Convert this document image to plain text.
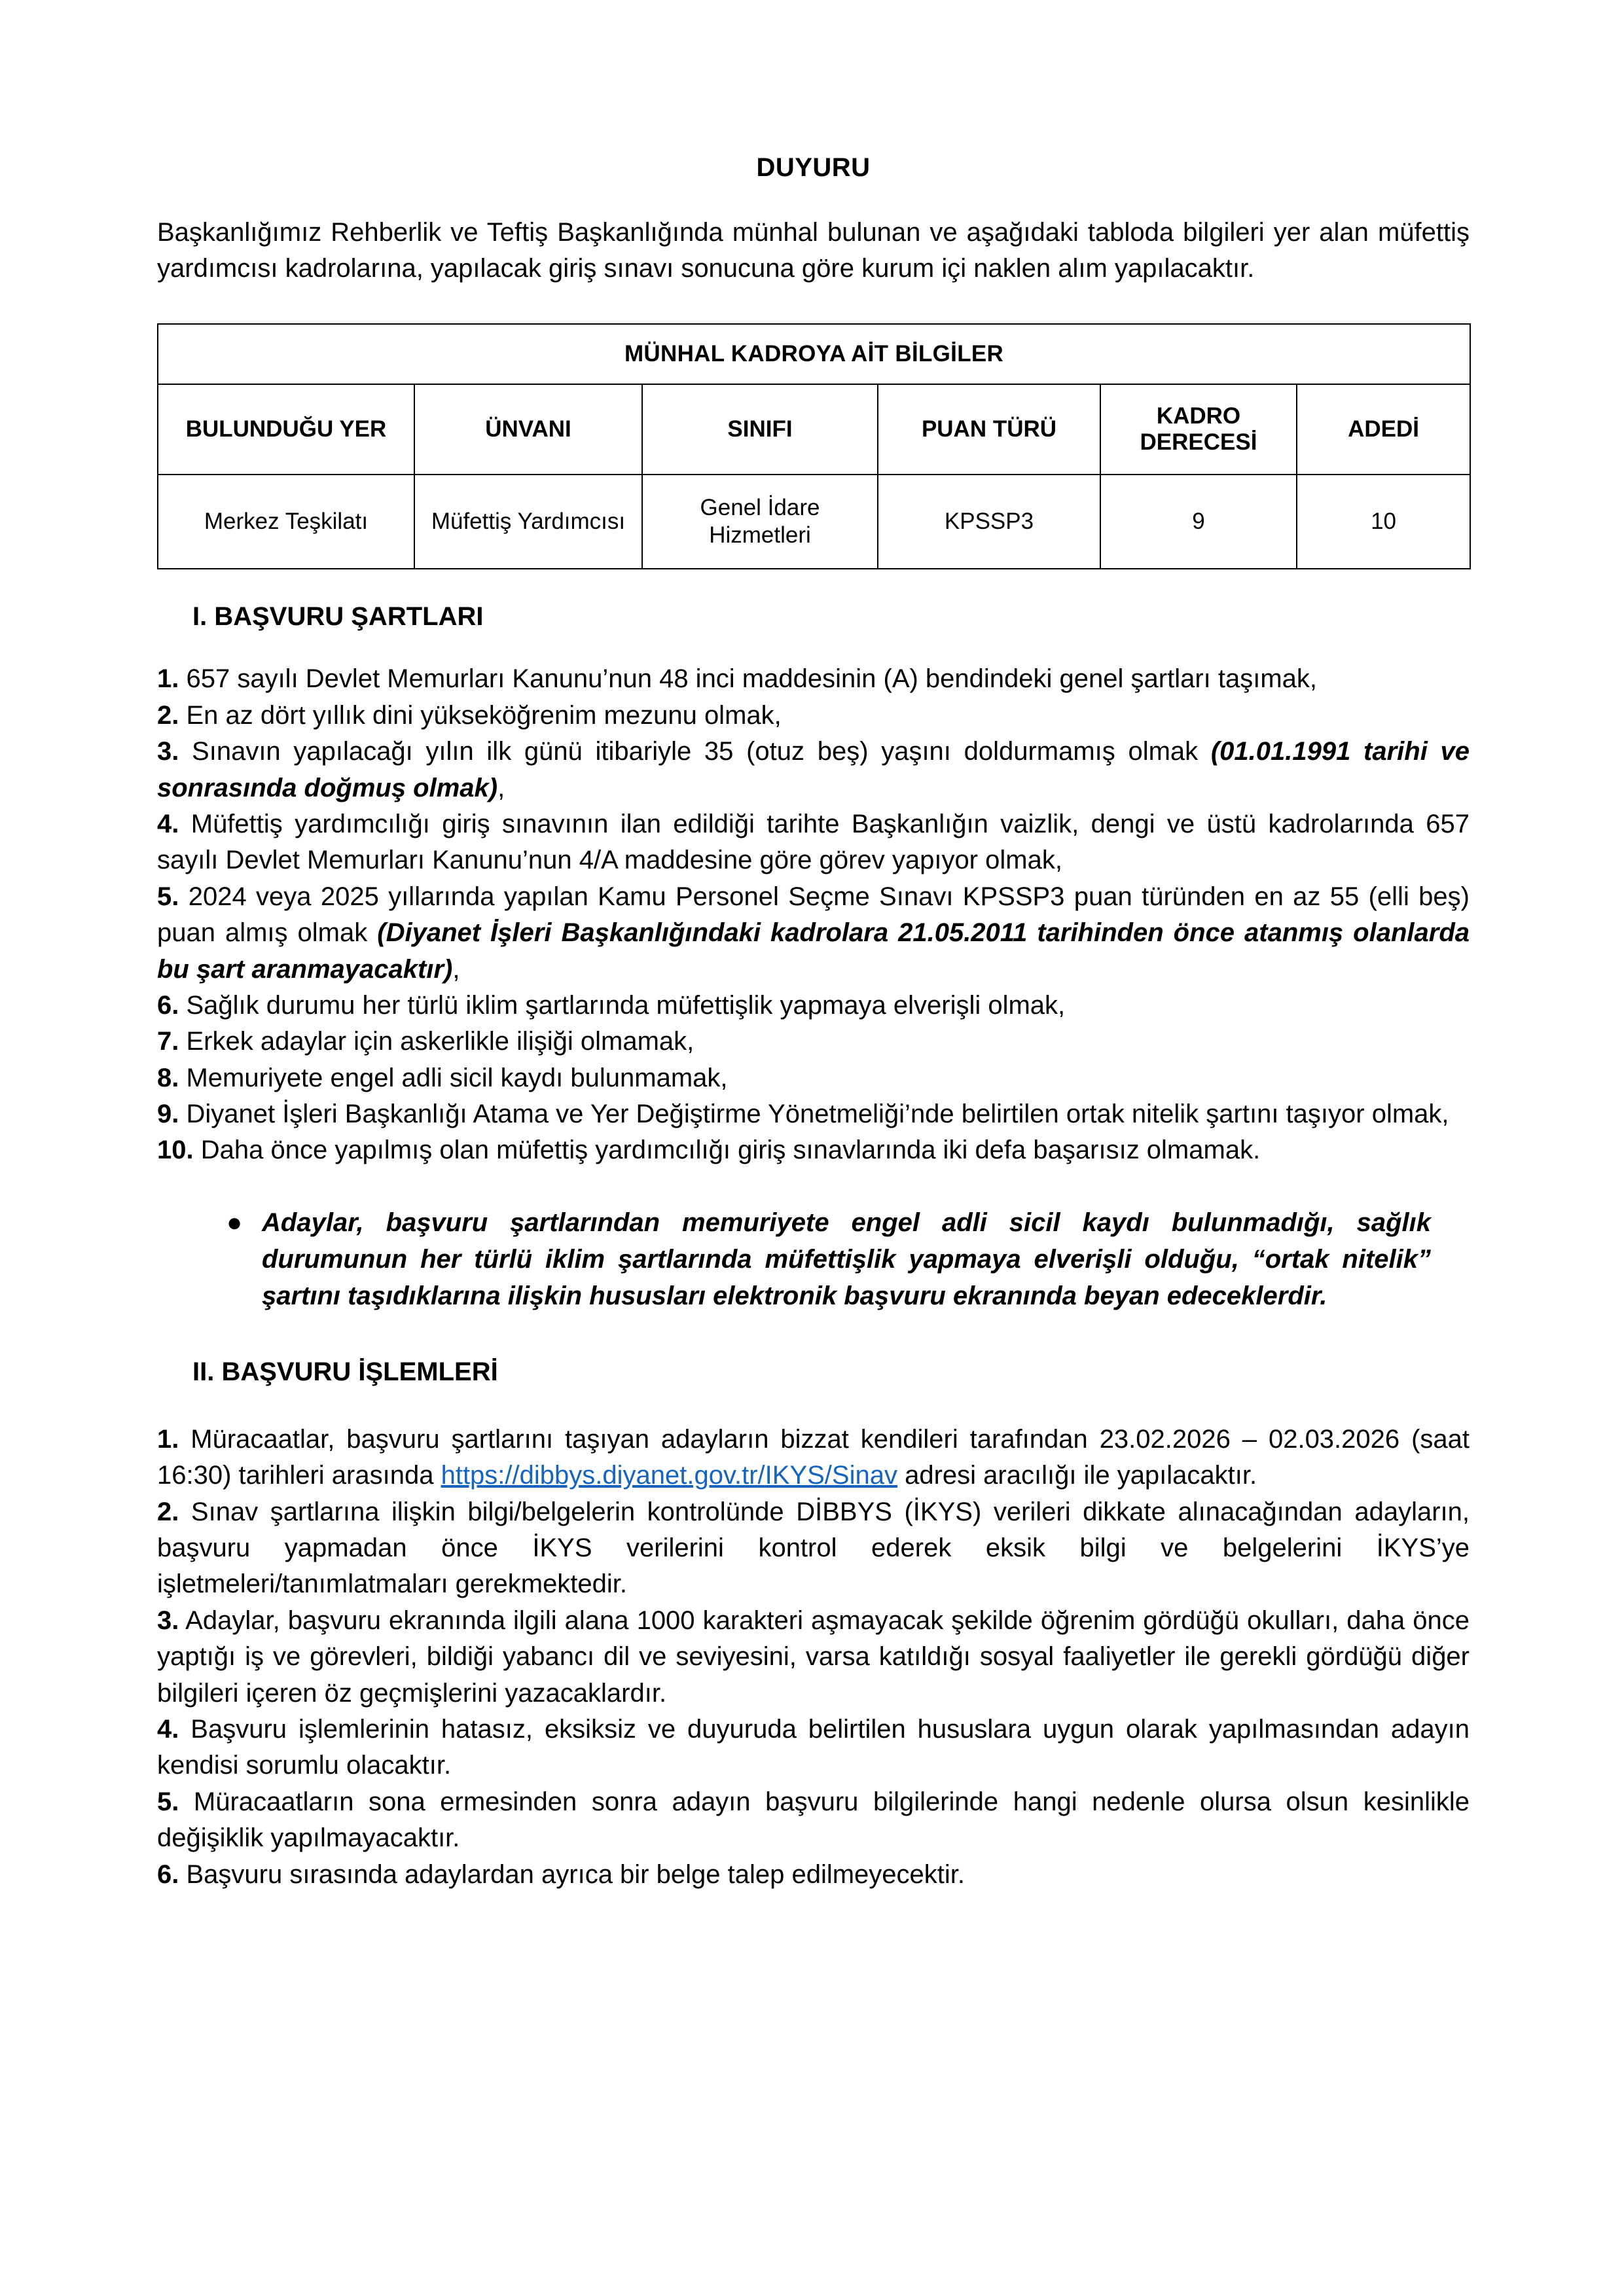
DUYURU

Başkanlığımız Rehberlik ve Teftiş Başkanlığında münhal bulunan ve aşağıdaki tabloda bilgileri yer alan müfettiş yardımcısı kadrolarına, yapılacak giriş sınavı sonucuna göre kurum içi naklen alım yapılacaktır.

MÜNHAL KADROYA AİT BİLGİLER					
BULUNDUĞU YER	ÜNVANI	SINIFI	PUAN TÜRÜ	KADRO DERECESİ	ADEDİ
Merkez Teşkilatı	Müfettiş Yardımcısı	Genel İdare Hizmetleri	KPSSP3	9	10
I. BAŞVURU ŞARTLARI

1. 657 sayılı Devlet Memurları Kanunu’nun 48 inci maddesinin (A) bendindeki genel şartları taşımak,

2. En az dört yıllık dini yükseköğrenim mezunu olmak,

3. Sınavın yapılacağı yılın ilk günü itibariyle 35 (otuz beş) yaşını doldurmamış olmak (01.01.1991 tarihi ve sonrasında doğmuş olmak),

4. Müfettiş yardımcılığı giriş sınavının ilan edildiği tarihte Başkanlığın vaizlik, dengi ve üstü kadrolarında 657 sayılı Devlet Memurları Kanunu’nun 4/A maddesine göre görev yapıyor olmak,

5. 2024 veya 2025 yıllarında yapılan Kamu Personel Seçme Sınavı KPSSP3 puan türünden en az 55 (elli beş) puan almış olmak (Diyanet İşleri Başkanlığındaki kadrolara 21.05.2011 tarihinden önce atanmış olanlarda bu şart aranmayacaktır),

6. Sağlık durumu her türlü iklim şartlarında müfettişlik yapmaya elverişli olmak,

7. Erkek adaylar için askerlikle ilişiği olmamak,

8. Memuriyete engel adli sicil kaydı bulunmamak,

9. Diyanet İşleri Başkanlığı Atama ve Yer Değiştirme Yönetmeliği’nde belirtilen ortak nitelik şartını taşıyor olmak,

10. Daha önce yapılmış olan müfettiş yardımcılığı giriş sınavlarında iki defa başarısız olmamak.

● Adaylar, başvuru şartlarından memuriyete engel adli sicil kaydı bulunmadığı, sağlık durumunun her türlü iklim şartlarında müfettişlik yapmaya elverişli olduğu, “ortak nitelik” şartını taşıdıklarına ilişkin hususları elektronik başvuru ekranında beyan edeceklerdir.
II. BAŞVURU İŞLEMLERİ

1. Müracaatlar, başvuru şartlarını taşıyan adayların bizzat kendileri tarafından 23.02.2026 – 02.03.2026 (saat 16:30) tarihleri arasında https://dibbys.diyanet.gov.tr/IKYS/Sinav adresi aracılığı ile yapılacaktır.

2. Sınav şartlarına ilişkin bilgi/belgelerin kontrolünde DİBBYS (İKYS) verileri dikkate alınacağından adayların, başvuru yapmadan önce İKYS verilerini kontrol ederek eksik bilgi ve belgelerini İKYS’ye işletmeleri/tanımlatmaları gerekmektedir.

3. Adaylar, başvuru ekranında ilgili alana 1000 karakteri aşmayacak şekilde öğrenim gördüğü okulları, daha önce yaptığı iş ve görevleri, bildiği yabancı dil ve seviyesini, varsa katıldığı sosyal faaliyetler ile gerekli gördüğü diğer bilgileri içeren öz geçmişlerini yazacaklardır.

4. Başvuru işlemlerinin hatasız, eksiksiz ve duyuruda belirtilen hususlara uygun olarak yapılmasından adayın kendisi sorumlu olacaktır.

5. Müracaatların sona ermesinden sonra adayın başvuru bilgilerinde hangi nedenle olursa olsun kesinlikle değişiklik yapılmayacaktır.

6. Başvuru sırasında adaylardan ayrıca bir belge talep edilmeyecektir.
